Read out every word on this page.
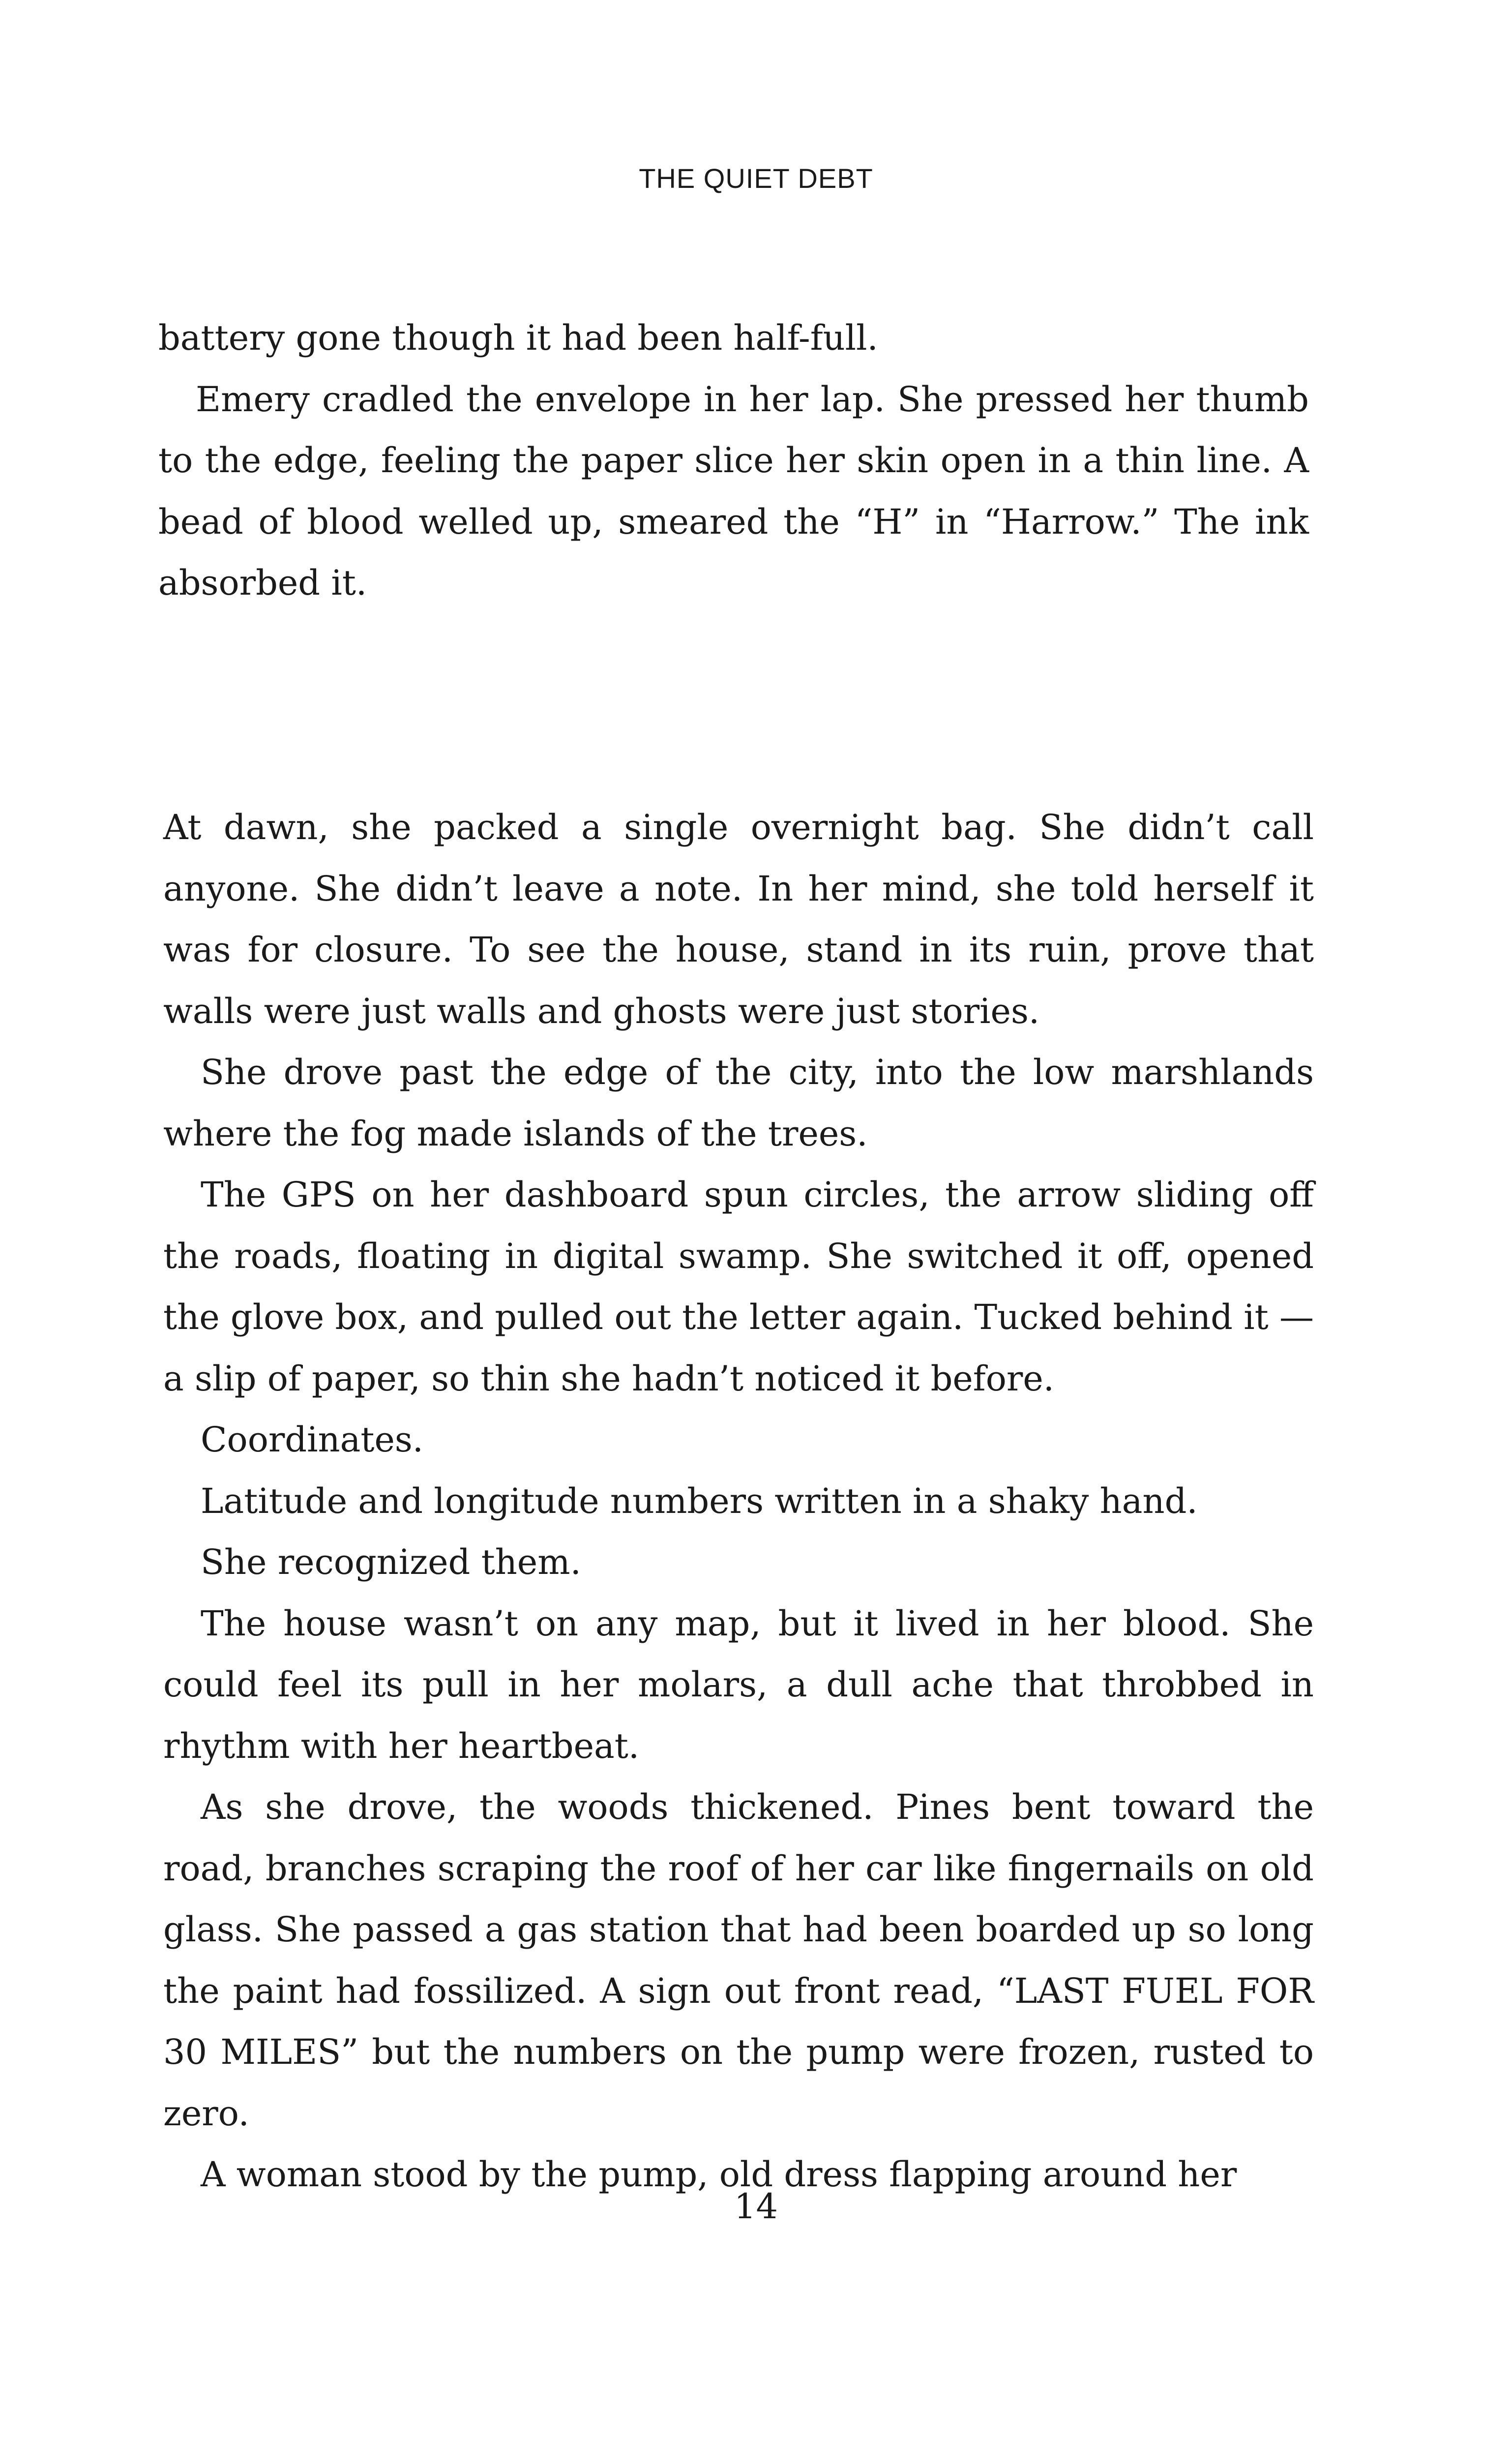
THE QUIET DEBT

battery gone though it had been half-full.

Emery cradled the envelope in her lap. She pressed her thumb to the edge, feeling the paper slice her skin open in a thin line. A bead of blood welled up, smeared the “H” in “Harrow.” The ink absorbed it.

At dawn, she packed a single overnight bag. She didn’t call anyone. She didn’t leave a note. In her mind, she told herself it was for closure. To see the house, stand in its ruin, prove that walls were just walls and ghosts were just stories.

She drove past the edge of the city, into the low marshlands where the fog made islands of the trees.

The GPS on her dashboard spun circles, the arrow sliding off the roads, floating in digital swamp. She switched it off, opened the glove box, and pulled out the letter again. Tucked behind it — a slip of paper, so thin she hadn’t noticed it before.

Coordinates.

Latitude and longitude numbers written in a shaky hand.

She recognized them.

The house wasn’t on any map, but it lived in her blood. She could feel its pull in her molars, a dull ache that throbbed in rhythm with her heartbeat.

As she drove, the woods thickened. Pines bent toward the road, branches scraping the roof of her car like fingernails on old glass. She passed a gas station that had been boarded up so long the paint had fossilized. A sign out front read, “LAST FUEL FOR 30 MILES” but the numbers on the pump were frozen, rusted to zero.

A woman stood by the pump, old dress flapping around her

14
